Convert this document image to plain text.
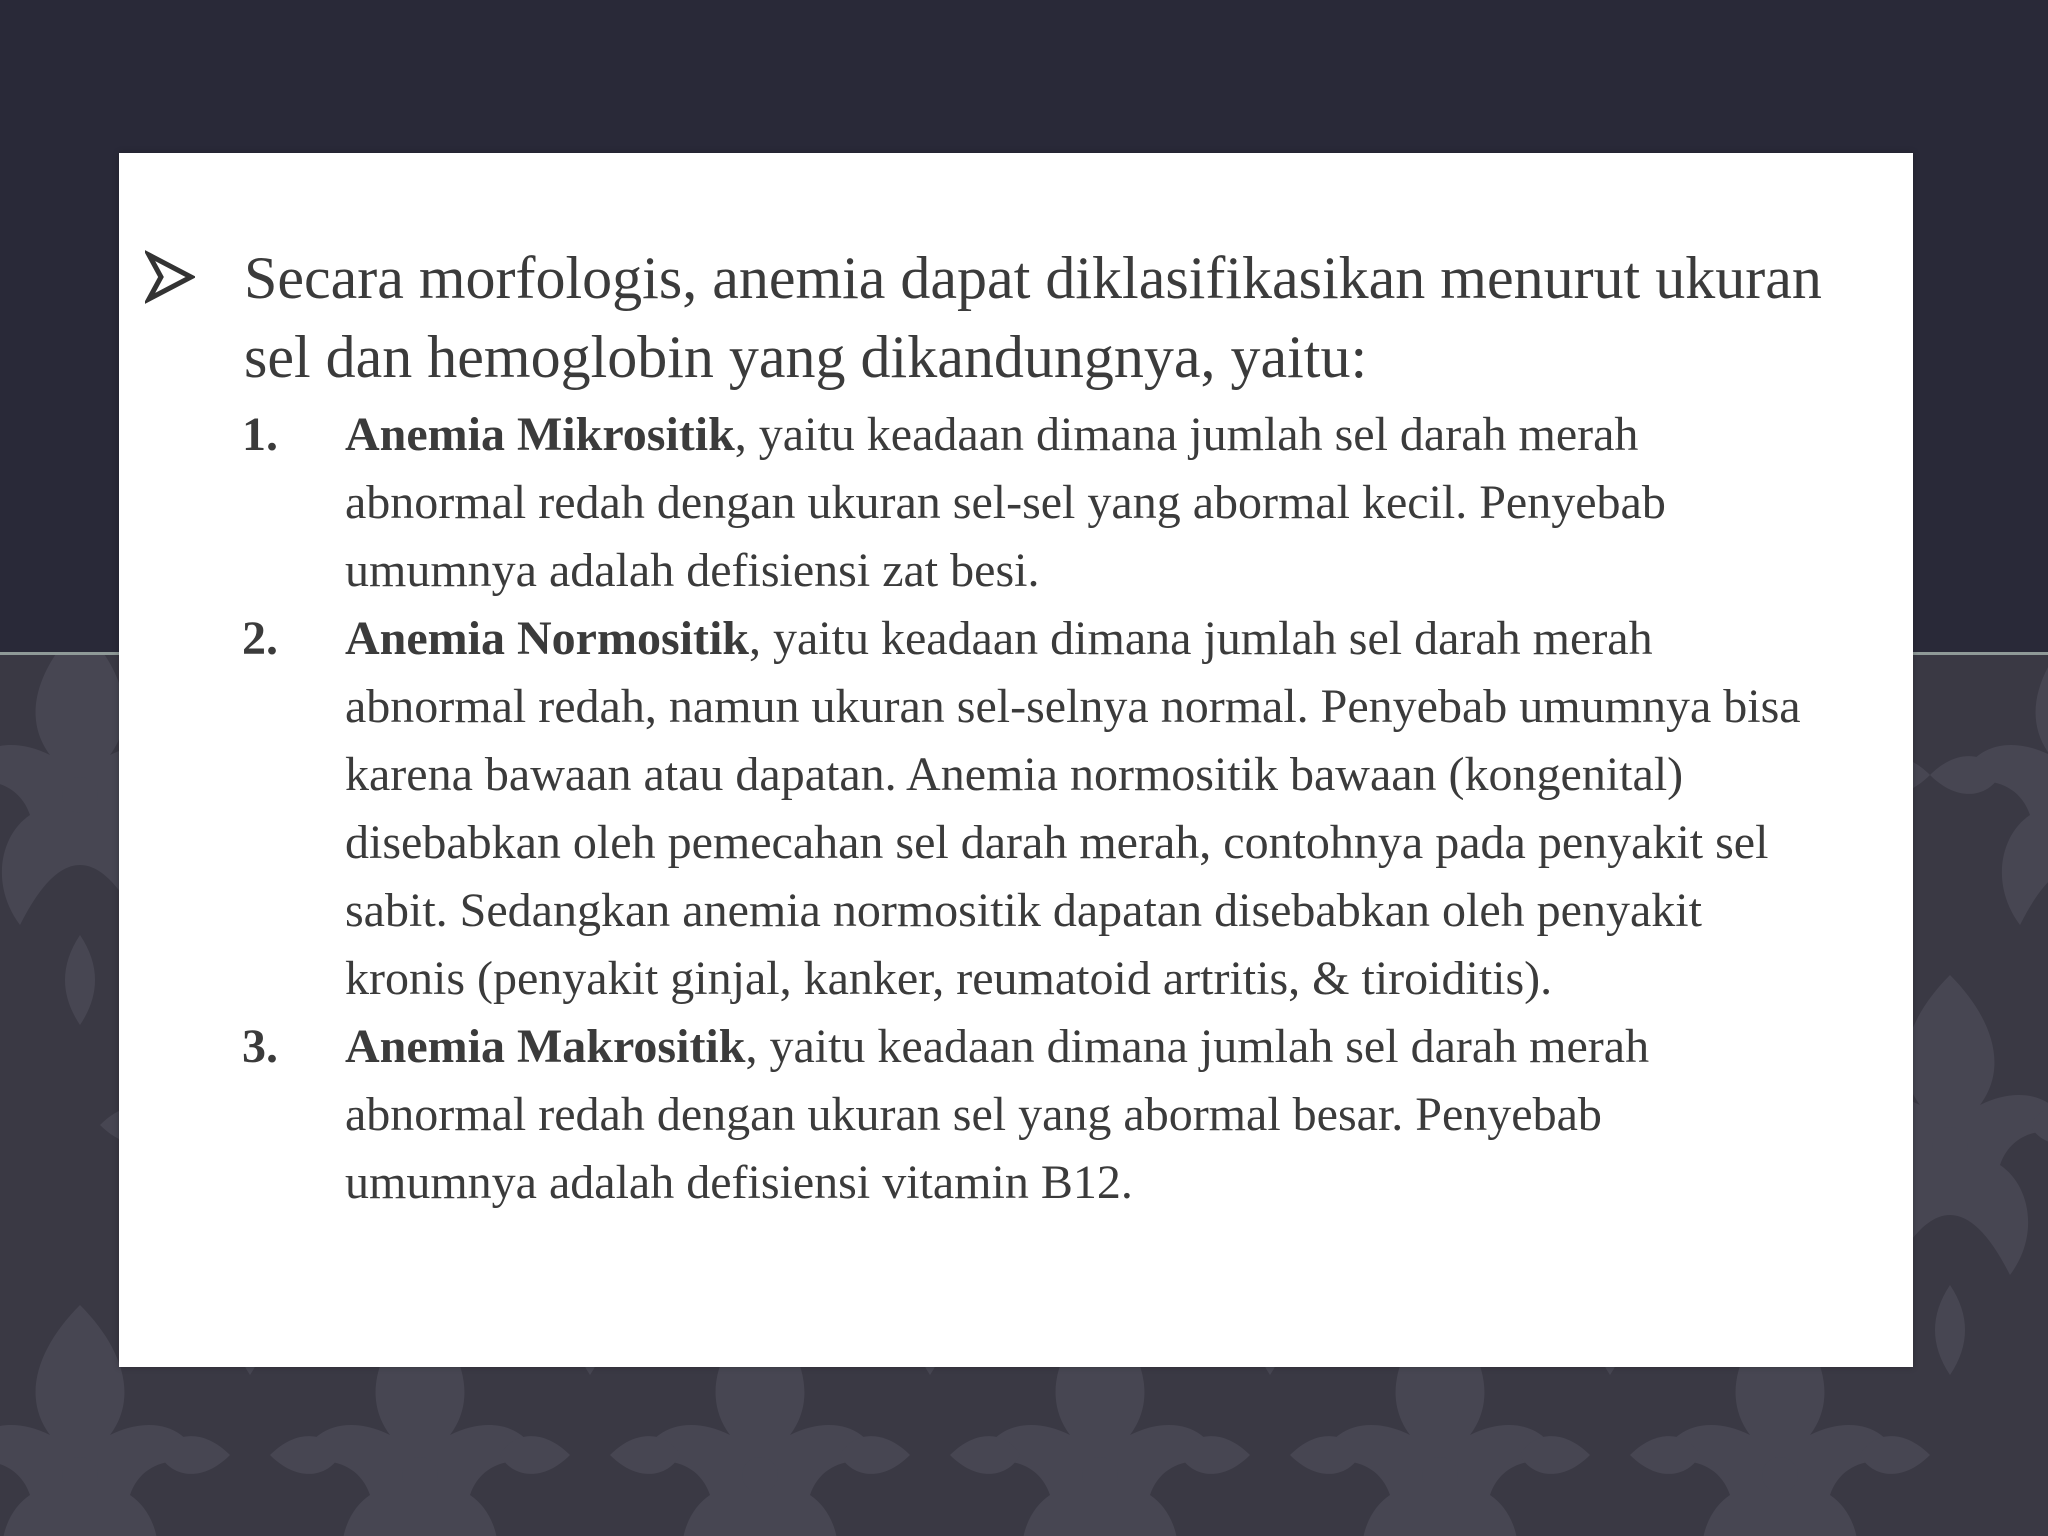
Secara morfologis, anemia dapat diklasifikasikan menurut ukuran sel dan hemoglobin yang dikandungnya, yaitu:
1. Anemia Mikrositik, yaitu keadaan dimana jumlah sel darah merah abnormal redah dengan ukuran sel-sel yang abormal kecil. Penyebab umumnya adalah defisiensi zat besi.
2. Anemia Normositik, yaitu keadaan dimana jumlah sel darah merah abnormal redah, namun ukuran sel-selnya normal. Penyebab umumnya bisa karena bawaan atau dapatan. Anemia normositik bawaan (kongenital) disebabkan oleh pemecahan sel darah merah, contohnya pada penyakit sel sabit. Sedangkan anemia normositik dapatan disebabkan oleh penyakit kronis (penyakit ginjal, kanker, reumatoid artritis, & tiroiditis).
3. Anemia Makrositik, yaitu keadaan dimana jumlah sel darah merah abnormal redah dengan ukuran sel yang abormal besar. Penyebab umumnya adalah defisiensi vitamin B12.
